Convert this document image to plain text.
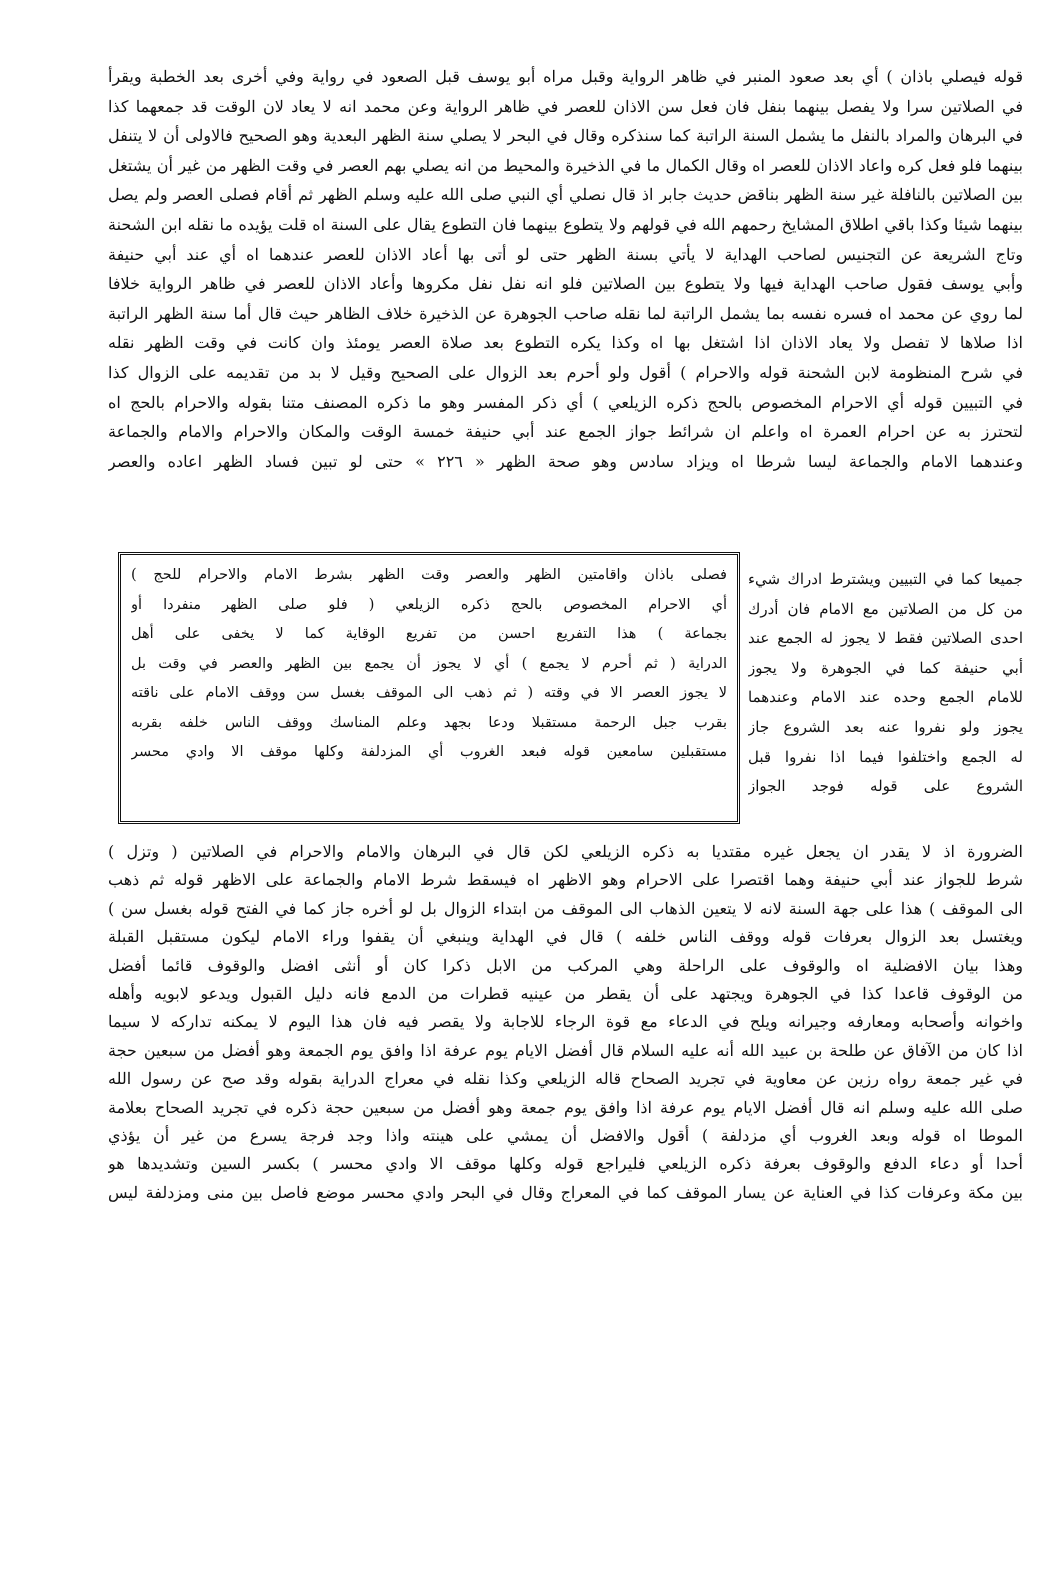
قوله فيصلي باذان ) أي بعد صعود المنبر في ظاهر الرواية وقبل مراه أبو يوسف قبل الصعود في رواية وفي أخرى بعد الخطبة ويقرأ
في الصلاتين سرا ولا يفصل بينهما بنفل فان فعل سن الاذان للعصر في ظاهر الرواية وعن محمد انه لا يعاد لان الوقت قد جمعهما كذا
في البرهان والمراد بالنفل ما يشمل السنة الراتبة كما سنذكره وقال في البحر لا يصلي سنة الظهر البعدية وهو الصحيح فالاولى أن لا يتنفل
بينهما فلو فعل كره واعاد الاذان للعصر اه وقال الكمال ما في الذخيرة والمحيط من انه يصلي بهم العصر في وقت الظهر من غير أن يشتغل
بين الصلاتين بالنافلة غير سنة الظهر بناقض حديث جابر اذ قال نصلي أي النبي صلى الله عليه وسلم الظهر ثم أقام فصلى العصر ولم يصل
بينهما شيئا وكذا باقي اطلاق المشايخ رحمهم الله في قولهم ولا يتطوع بينهما فان التطوع يقال على السنة اه قلت يؤيده ما نقله ابن الشحنة
وتاج الشريعة عن التجنيس لصاحب الهداية لا يأتي بسنة الظهر حتى لو أتى بها أعاد الاذان للعصر عندهما اه أي عند أبي حنيفة
وأبي يوسف فقول صاحب الهداية فيها ولا يتطوع بين الصلاتين فلو انه نفل نفل مكروها وأعاد الاذان للعصر في ظاهر الرواية خلافا
لما روي عن محمد اه فسره نفسه بما يشمل الراتبة لما نقله صاحب الجوهرة عن الذخيرة خلاف الظاهر حيث قال أما سنة الظهر الراتبة
اذا صلاها لا تفصل ولا يعاد الاذان اذا اشتغل بها اه وكذا يكره التطوع بعد صلاة العصر يومئذ وان كانت في وقت الظهر نقله
في شرح المنظومة لابن الشحنة قوله والاحرام ) أقول ولو أحرم بعد الزوال على الصحيح وقيل لا بد من تقديمه على الزوال كذا
في التبيين قوله أي الاحرام المخصوص بالحج ذكره الزيلعي ) أي ذكر المفسر وهو ما ذكره المصنف متنا بقوله والاحرام بالحج اه
لتحترز به عن احرام العمرة اه واعلم ان شرائط جواز الجمع عند أبي حنيفة خمسة الوقت والمكان والاحرام والامام والجماعة
وعندهما الامام والجماعة ليسا شرطا اه ويزاد سادس وهو صحة الظهر « ٢٢٦ » حتى لو تبين فساد الظهر اعاده والعصر
جميعا كما في التبيين ويشترط ادراك شيء
من كل من الصلاتين مع الامام فان أدرك
احدى الصلاتين فقط لا يجوز له الجمع عند
أبي حنيفة كما في الجوهرة ولا يجوز
للامام الجمع وحده عند الامام وعندهما
يجوز ولو نفروا عنه بعد الشروع جاز
له الجمع واختلفوا فيما اذا نفروا قبل
الشروع على قوله فوجد الجواز
فصلى باذان واقامتين الظهر والعصر وقت الظهر بشرط الامام والاحرام للحج )
أي الاحرام المخصوص بالحج ذكره الزيلعي ( فلو صلى الظهر منفردا أو
بجماعة ) هذا التفريع احسن من تفريع الوقاية كما لا يخفى على أهل
الدراية ( ثم أحرم لا يجمع ) أي لا يجوز أن يجمع بين الظهر والعصر في وقت بل
لا يجوز العصر الا في وقته ( ثم ذهب الى الموقف بغسل سن ووقف الامام على ناقته
بقرب جبل الرحمة مستقبلا ودعا بجهد وعلم المناسك ووقف الناس خلفه بقربه
مستقبلين سامعين قوله فبعد الغروب أي المزدلفة وكلها موقف الا وادي محسر
الضرورة اذ لا يقدر ان يجعل غيره مقتديا به ذكره الزيلعي لكن قال في البرهان والامام والاحرام في الصلاتين ( وتزل )
شرط للجواز عند أبي حنيفة وهما اقتصرا على الاحرام وهو الاظهر اه فيسقط شرط الامام والجماعة على الاظهر قوله ثم ذهب
الى الموقف ) هذا على جهة السنة لانه لا يتعين الذهاب الى الموقف من ابتداء الزوال بل لو أخره جاز كما في الفتح قوله بغسل سن )
ويغتسل بعد الزوال بعرفات قوله ووقف الناس خلفه ) قال في الهداية وينبغي أن يقفوا وراء الامام ليكون مستقبل القبلة
وهذا بيان الافضلية اه والوقوف على الراحلة وهي المركب من الابل ذكرا كان أو أنثى افضل والوقوف قائما أفضل
من الوقوف قاعدا كذا في الجوهرة ويجتهد على أن يقطر من عينيه قطرات من الدمع فانه دليل القبول ويدعو لابويه وأهله
واخوانه وأصحابه ومعارفه وجيرانه ويلح في الدعاء مع قوة الرجاء للاجابة ولا يقصر فيه فان هذا اليوم لا يمكنه تداركه لا سيما
اذا كان من الآفاق عن طلحة بن عبيد الله أنه عليه السلام قال أفضل الايام يوم عرفة اذا وافق يوم الجمعة وهو أفضل من سبعين حجة
في غير جمعة رواه رزين عن معاوية في تجريد الصحاح قاله الزيلعي وكذا نقله في معراج الدراية بقوله وقد صح عن رسول الله
صلى الله عليه وسلم انه قال أفضل الايام يوم عرفة اذا وافق يوم جمعة وهو أفضل من سبعين حجة ذكره في تجريد الصحاح بعلامة
الموطا اه قوله وبعد الغروب أي مزدلفة ) أقول والافضل أن يمشي على هينته واذا وجد فرجة يسرع من غير أن يؤذي
أحدا أو دعاء الدفع والوقوف بعرفة ذكره الزيلعي فليراجع قوله وكلها موقف الا وادي محسر ) بكسر السين وتشديدها هو
بين مكة وعرفات كذا في العناية عن يسار الموقف كما في المعراج وقال في البحر وادي محسر موضع فاصل بين منى ومزدلفة ليس
